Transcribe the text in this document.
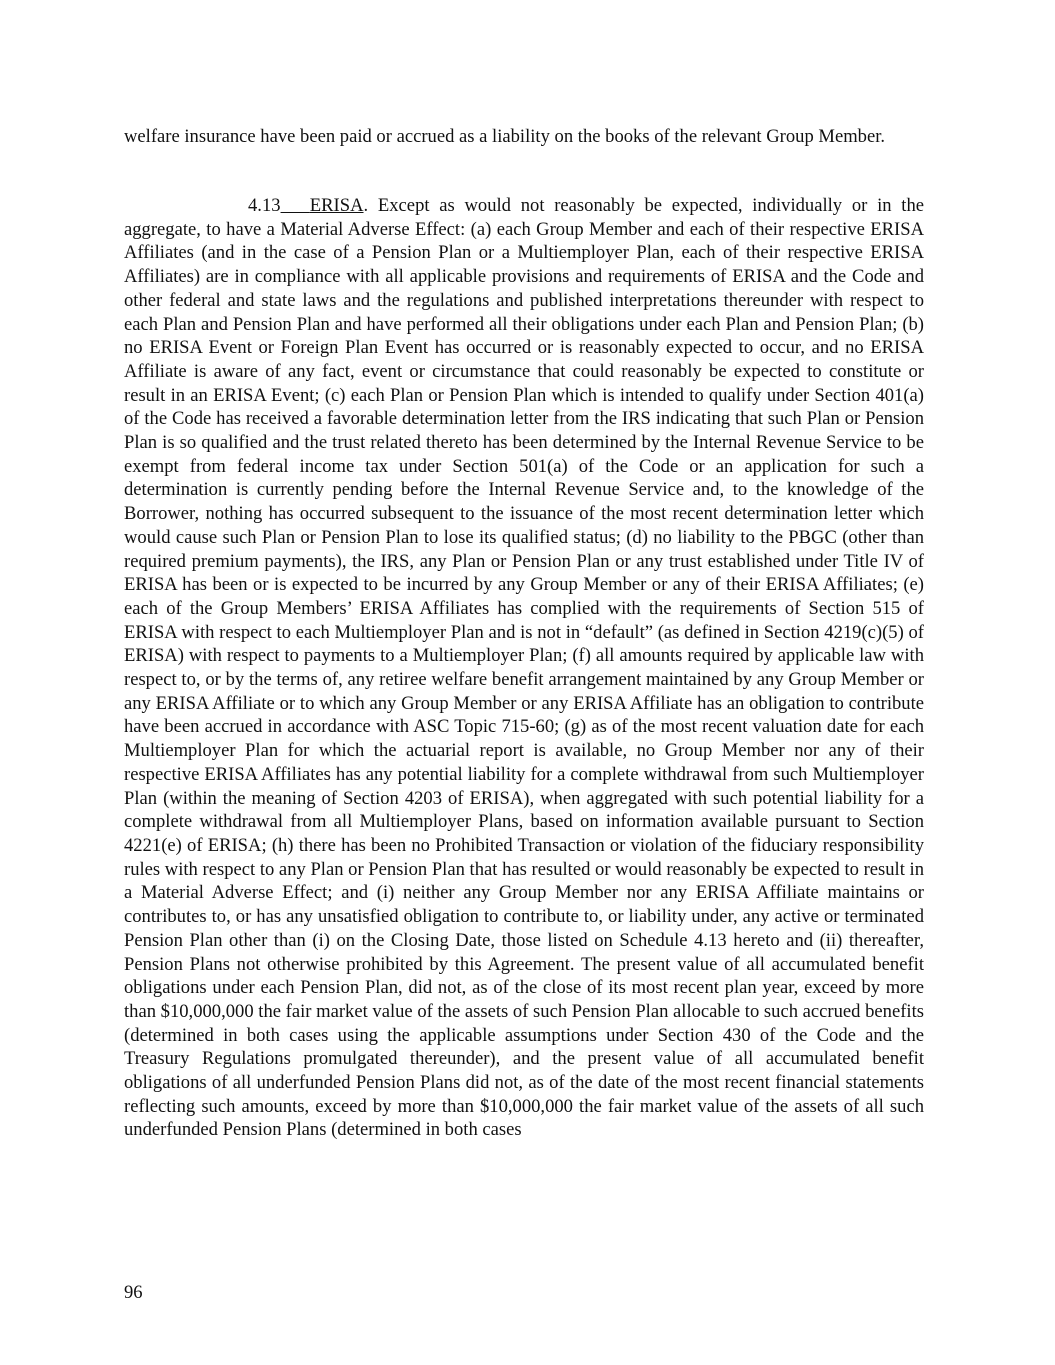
welfare insurance have been paid or accrued as a liability on the books of the relevant Group Member.

4.13 ERISA. Except as would not reasonably be expected, individually or in the aggregate, to have a Material Adverse Effect: (a) each Group Member and each of their respective ERISA Affiliates (and in the case of a Pension Plan or a Multiemployer Plan, each of their respective ERISA Affiliates) are in compliance with all applicable provisions and requirements of ERISA and the Code and other federal and state laws and the regulations and published interpretations thereunder with respect to each Plan and Pension Plan and have performed all their obligations under each Plan and Pension Plan; (b) no ERISA Event or Foreign Plan Event has occurred or is reasonably expected to occur, and no ERISA Affiliate is aware of any fact, event or circumstance that could reasonably be expected to constitute or result in an ERISA Event; (c) each Plan or Pension Plan which is intended to qualify under Section 401(a) of the Code has received a favorable determination letter from the IRS indicating that such Plan or Pension Plan is so qualified and the trust related thereto has been determined by the Internal Revenue Service to be exempt from federal income tax under Section 501(a) of the Code or an application for such a determination is currently pending before the Internal Revenue Service and, to the knowledge of the Borrower, nothing has occurred subsequent to the issuance of the most recent determination letter which would cause such Plan or Pension Plan to lose its qualified status; (d) no liability to the PBGC (other than required premium payments), the IRS, any Plan or Pension Plan or any trust established under Title IV of ERISA has been or is expected to be incurred by any Group Member or any of their ERISA Affiliates; (e) each of the Group Members’ ERISA Affiliates has complied with the requirements of Section 515 of ERISA with respect to each Multiemployer Plan and is not in “default” (as defined in Section 4219(c)(5) of ERISA) with respect to payments to a Multiemployer Plan; (f) all amounts required by applicable law with respect to, or by the terms of, any retiree welfare benefit arrangement maintained by any Group Member or any ERISA Affiliate or to which any Group Member or any ERISA Affiliate has an obligation to contribute have been accrued in accordance with ASC Topic 715-60; (g) as of the most recent valuation date for each Multiemployer Plan for which the actuarial report is available, no Group Member nor any of their respective ERISA Affiliates has any potential liability for a complete withdrawal from such Multiemployer Plan (within the meaning of Section 4203 of ERISA), when aggregated with such potential liability for a complete withdrawal from all Multiemployer Plans, based on information available pursuant to Section 4221(e) of ERISA; (h) there has been no Prohibited Transaction or violation of the fiduciary responsibility rules with respect to any Plan or Pension Plan that has resulted or would reasonably be expected to result in a Material Adverse Effect; and (i) neither any Group Member nor any ERISA Affiliate maintains or contributes to, or has any unsatisfied obligation to contribute to, or liability under, any active or terminated Pension Plan other than (i) on the Closing Date, those listed on Schedule 4.13 hereto and (ii) thereafter, Pension Plans not otherwise prohibited by this Agreement. The present value of all accumulated benefit obligations under each Pension Plan, did not, as of the close of its most recent plan year, exceed by more than $10,000,000 the fair market value of the assets of such Pension Plan allocable to such accrued benefits (determined in both cases using the applicable assumptions under Section 430 of the Code and the Treasury Regulations promulgated thereunder), and the present value of all accumulated benefit obligations of all underfunded Pension Plans did not, as of the date of the most recent financial statements reflecting such amounts, exceed by more than $10,000,000 the fair market value of the assets of all such underfunded Pension Plans (determined in both cases

96
